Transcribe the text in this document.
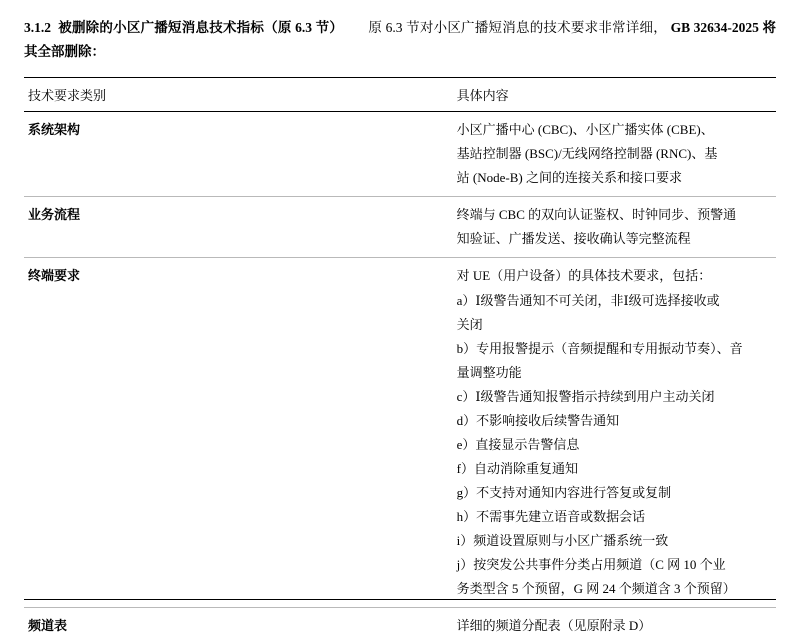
3.1.2 被删除的小区广播短消息技术指标（原 6.3 节） 原 6.3 节对小区广播短消息的技术要求非常详细， GB 32634-2025 将其全部删除：

技术要求类别	具体内容
系统架构	小区广播中心 (CBC)、小区广播实体 (CBE)、

基站控制器 (BSC)/无线网络控制器 (RNC)、基

站 (Node-B) 之间的连接关系和接口要求

业务流程	终端与 CBC 的双向认证鉴权、时钟同步、预警通

知验证、广播发送、接收确认等完整流程

终端要求	对 UE（用户设备）的具体技术要求，包括：

a）Ⅰ级警告通知不可关闭，非Ⅰ级可选择接收或

关闭

b）专用报警提示（音频提醒和专用振动节奏）、音

量调整功能

c）Ⅰ级警告通知报警指示持续到用户主动关闭

d）不影响接收后续警告通知

e）直接显示告警信息

f）自动消除重复通知

g）不支持对通知内容进行答复或复制

h）不需事先建立语音或数据会话

i）频道设置原则与小区广播系统一致

j）按突发公共事件分类占用频道（C 网 10 个业

务类型含 5 个预留，G 网 24 个频道含 3 个预留）

频道表	详细的频道分配表（见原附录 D）
